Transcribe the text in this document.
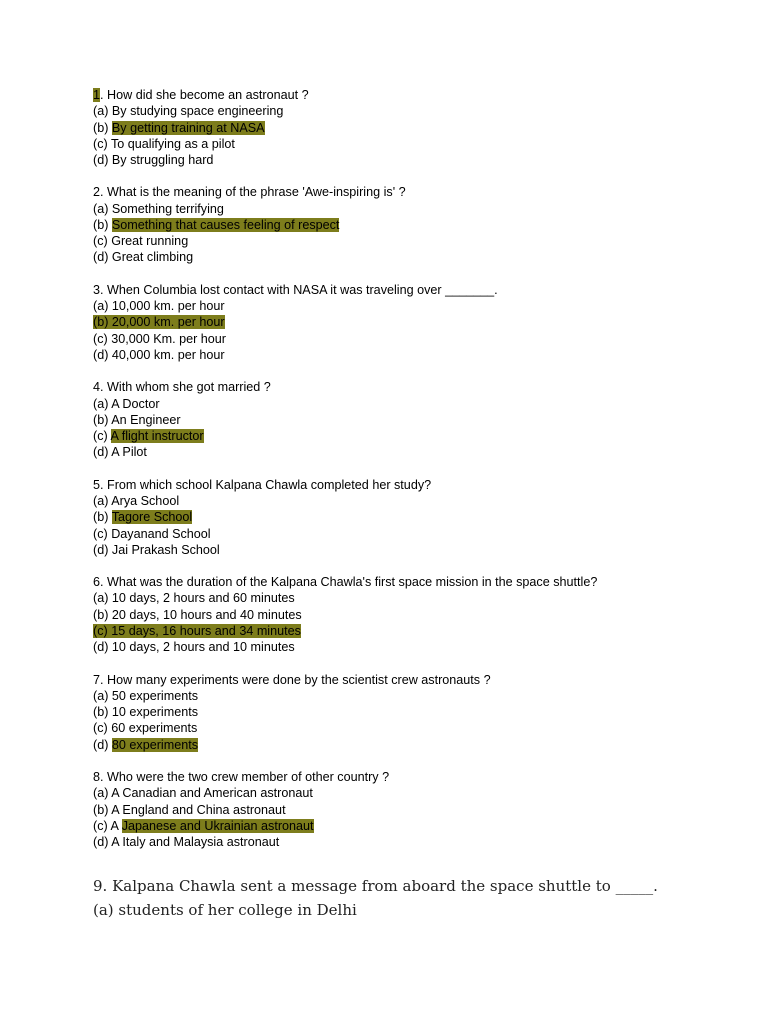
1. How did she become an astronaut ?
(a) By studying space engineering
(b) By getting training at NASA
(c) To qualifying as a pilot
(d) By struggling hard
2. What is the meaning of the phrase 'Awe-inspiring is' ?
(a) Something terrifying
(b) Something that causes feeling of respect
(c) Great running
(d) Great climbing
3. When Columbia lost contact with NASA it was traveling over _______.
(a) 10,000 km. per hour
(b) 20,000 km. per hour
(c) 30,000 Km. per hour
(d) 40,000 km. per hour
4. With whom she got married ?
(a) A Doctor
(b) An Engineer
(c) A flight instructor
(d) A Pilot
5. From which school Kalpana Chawla completed her study?
(a) Arya School
(b) Tagore School
(c) Dayanand School
(d) Jai Prakash School
6. What was the duration of the Kalpana Chawla's first space mission in the space shuttle?
(a) 10 days, 2 hours and 60 minutes
(b) 20 days, 10 hours and 40 minutes
(c) 15 days, 16 hours and 34 minutes
(d) 10 days, 2 hours and 10 minutes
7. How many experiments were done by the scientist crew astronauts ?
(a) 50 experiments
(b) 10 experiments
(c) 60 experiments
(d) 80 experiments
8. Who were the two crew member of other country ?
(a) A Canadian and American astronaut
(b) A England and China astronaut
(c) A Japanese and Ukrainian astronaut
(d) A Italy and Malaysia astronaut
9. Kalpana Chawla sent a message from aboard the space shuttle to _____.
(a) students of her college in Delhi
